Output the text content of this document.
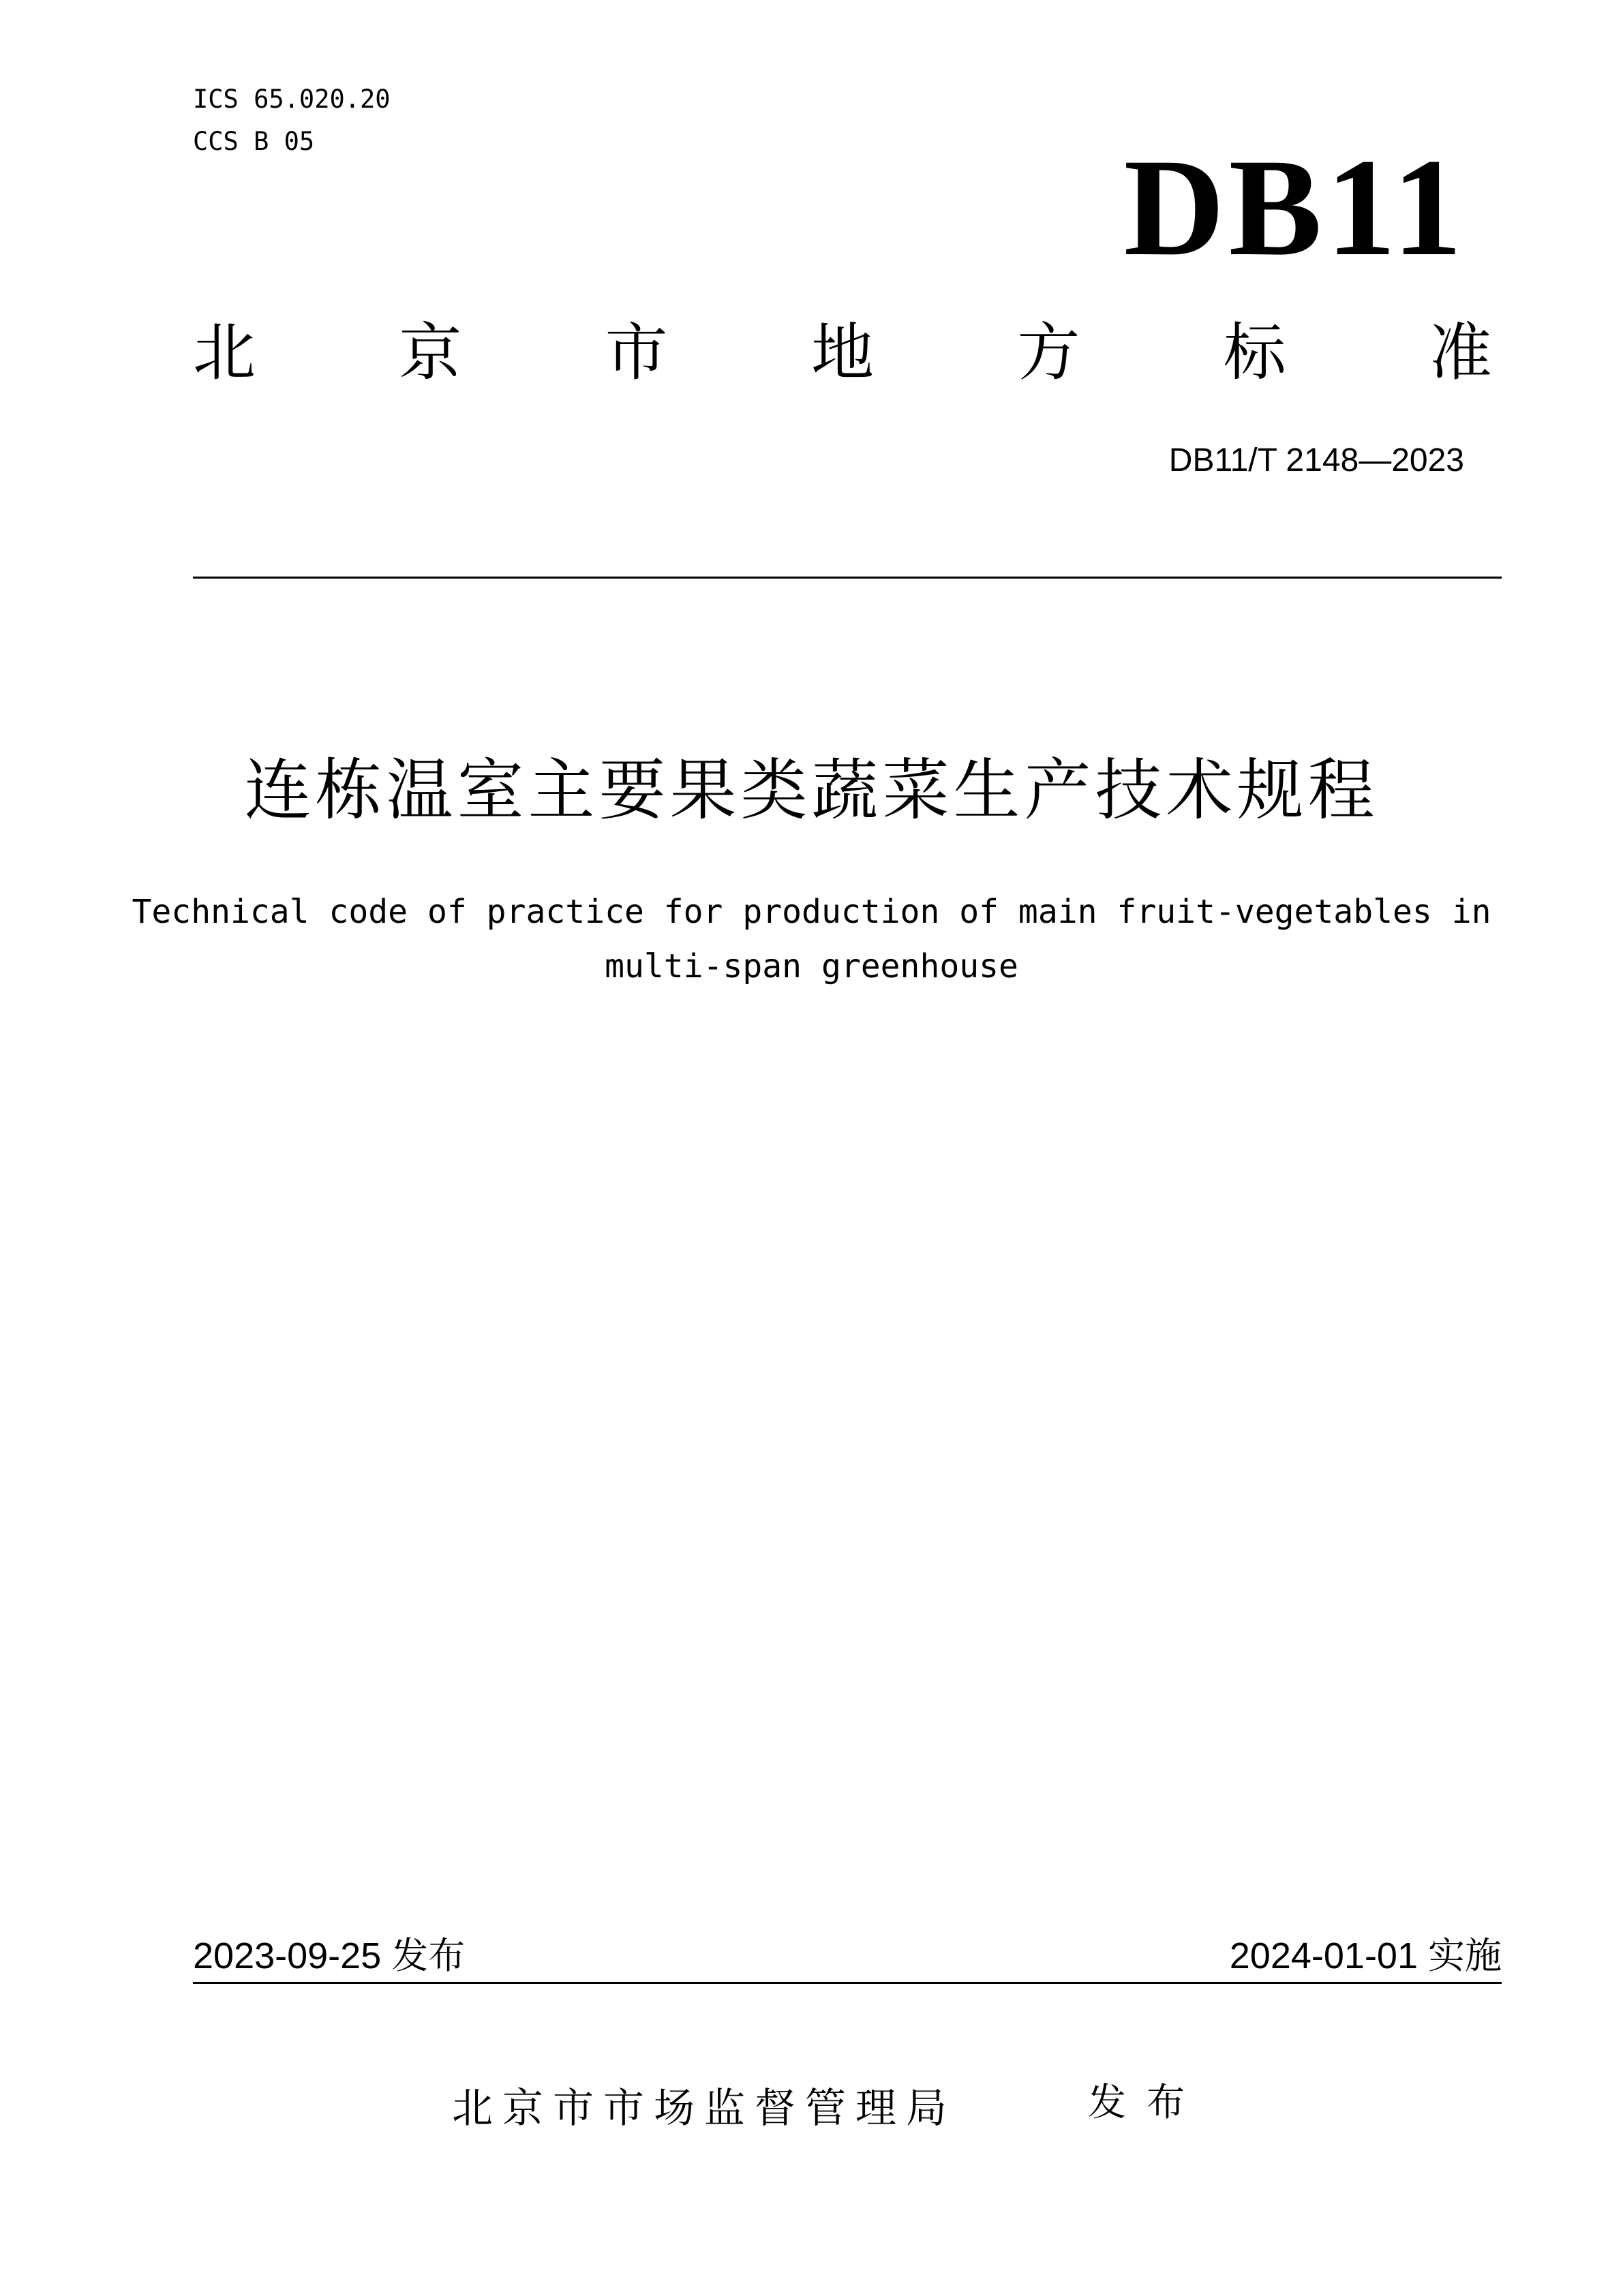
ICS 65.020.20
CCS B 05	DB11
北 京 市 地 方 标 准
DB11/T 2148—2023
连栋温室主要果类蔬菜生产技术规程
Technical code of practice for production of main fruit-vegetables in
multi-span greenhouse
2023-09-25 发布	2024-01-01 实施
北京市市场监督管理局	发布
